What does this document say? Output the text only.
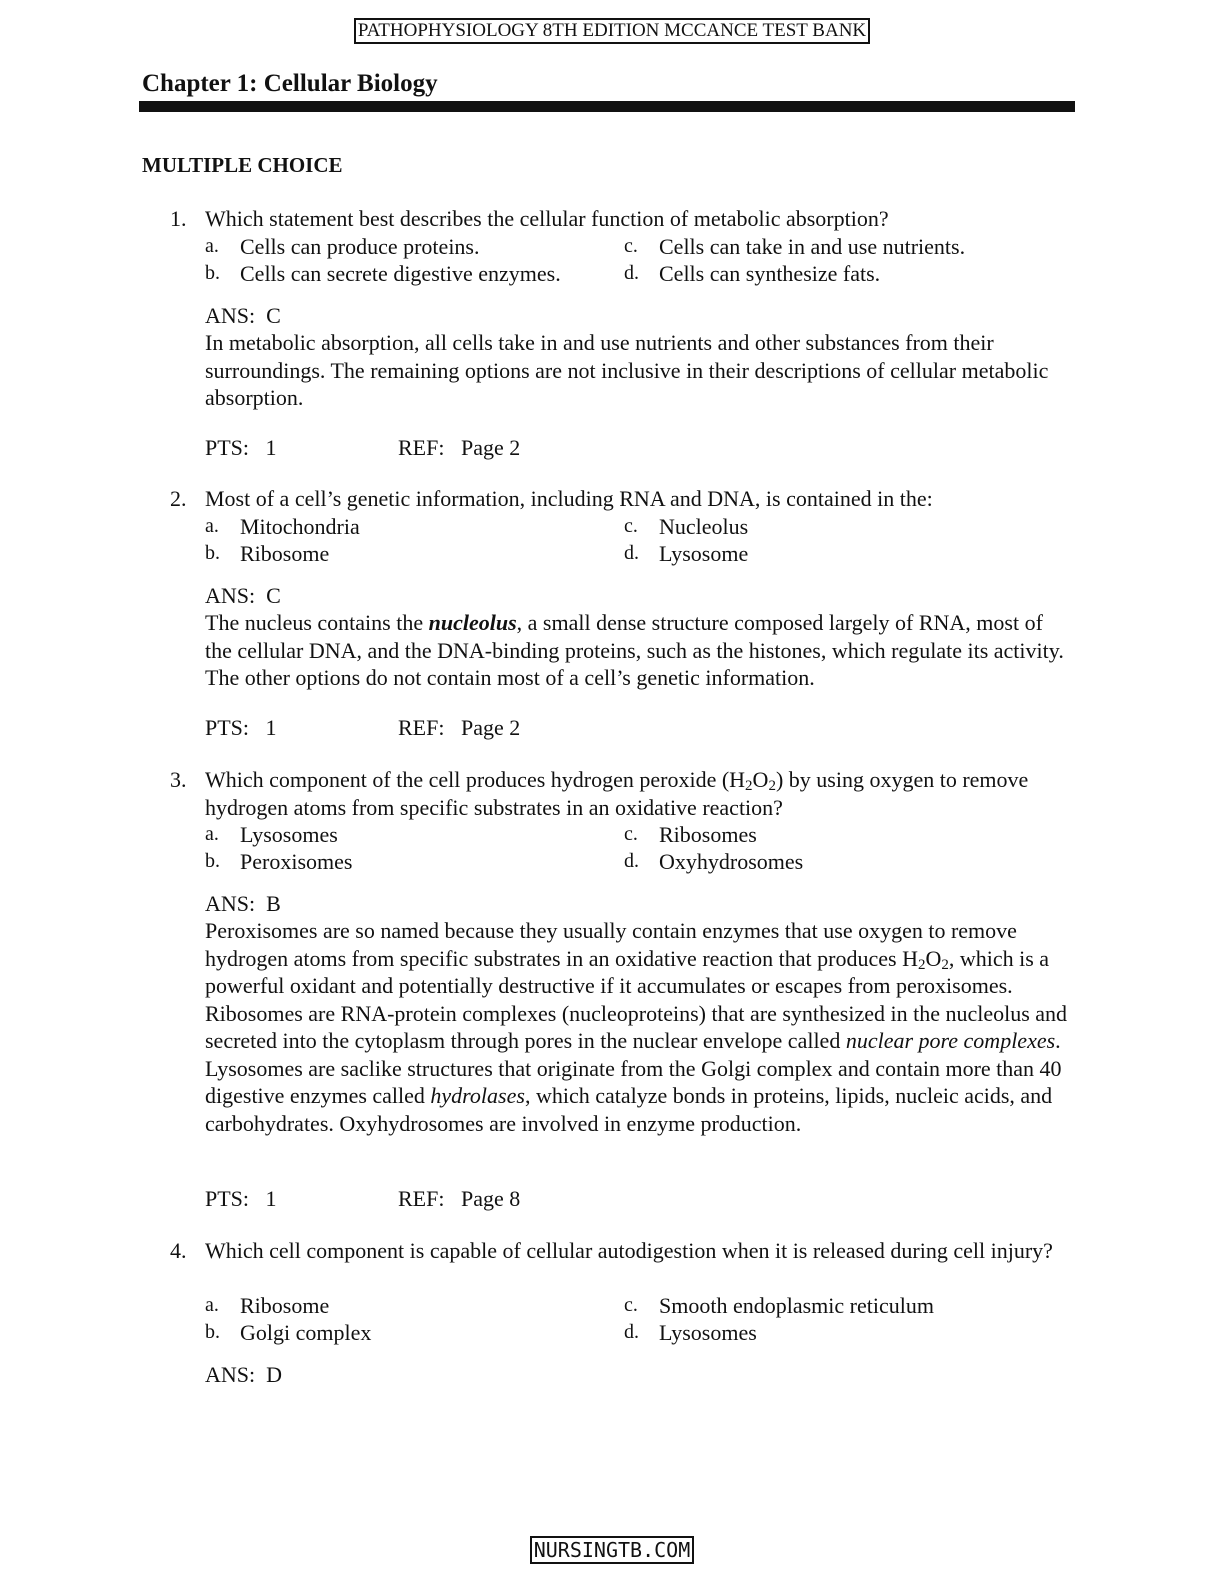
PATHOPHYSIOLOGY 8TH EDITION MCCANCE TEST BANK
Chapter 1: Cellular Biology
MULTIPLE CHOICE
1. Which statement best describes the cellular function of metabolic absorption?
a. Cells can produce proteins.	c. Cells can take in and use nutrients.
b. Cells can secrete digestive enzymes.	d. Cells can synthesize fats.
ANS: C
In metabolic absorption, all cells take in and use nutrients and other substances from their surroundings. The remaining options are not inclusive in their descriptions of cellular metabolic absorption.
PTS: 1	REF: Page 2
2. Most of a cell’s genetic information, including RNA and DNA, is contained in the:
a. Mitochondria	c. Nucleolus
b. Ribosome	d. Lysosome
ANS: C
The nucleus contains the nucleolus, a small dense structure composed largely of RNA, most of the cellular DNA, and the DNA-binding proteins, such as the histones, which regulate its activity. The other options do not contain most of a cell’s genetic information.
PTS: 1	REF: Page 2
3. Which component of the cell produces hydrogen peroxide $(H_2O_2)$ by using oxygen to remove hydrogen atoms from specific substrates in an oxidative reaction?
a. Lysosomes	c. Ribosomes
b. Peroxisomes	d. Oxyhydrosomes
ANS: B
Peroxisomes are so named because they usually contain enzymes that use oxygen to remove hydrogen atoms from specific substrates in an oxidative reaction that produces $H_2O_2$, which is a powerful oxidant and potentially destructive if it accumulates or escapes from peroxisomes. Ribosomes are RNA-protein complexes (nucleoproteins) that are synthesized in the nucleolus and secreted into the cytoplasm through pores in the nuclear envelope called nuclear pore complexes. Lysosomes are saclike structures that originate from the Golgi complex and contain more than 40 digestive enzymes called hydrolases, which catalyze bonds in proteins, lipids, nucleic acids, and carbohydrates. Oxyhydrosomes are involved in enzyme production.
PTS: 1	REF: Page 8
4. Which cell component is capable of cellular autodigestion when it is released during cell injury?
a. Ribosome	c. Smooth endoplasmic reticulum
b. Golgi complex	d. Lysosomes
ANS: D
NURSINGTB.COM
